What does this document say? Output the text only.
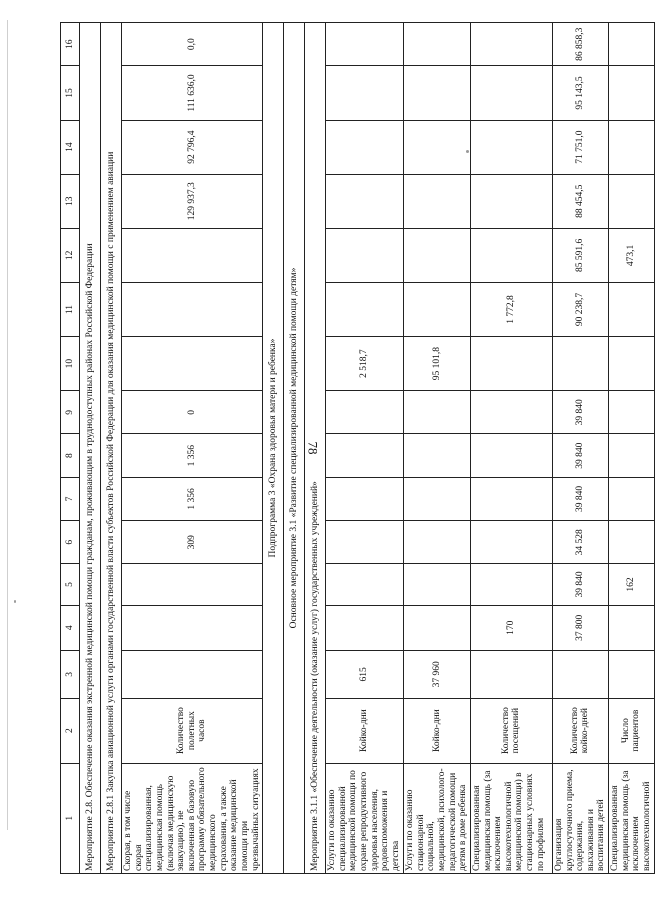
78
1	2	3	4	5	6	7	8	9	10	11	12	13	14	15	16
Мероприятие 2.8. Обеспечение оказания экстренной медицинской помощи гражданам, проживающим в труднодоступных районах Российской Федерации															
Мероприятие 2.8.1 Закупка авиационной услуги органами государственной власти субъектов Российской Федерации для оказания медицинской помощи с применением авиации															
Скорая, в том числе скорая специализированная, медицинская помощь (включая медицинскую эвакуацию), не включенная в базовую программу обязательного медицинского страхования, а также оказание медицинской помощи при чрезвычайных ситуациях	Количество полетных часов				309	1 356	1 356	0				129 937,3	92 796,4	111 636,0	0,0
Подпрограмма 3 «Охрана здоровья матери и ребенка»															
Основное мероприятие 3.1 «Развитие специализированной медицинской помощи детям»															
Мероприятие 3.1.1 «Обеспечение деятельности (оказание услуг) государственных учреждений»															
Услуги по оказанию специализированной медицинской помощи по охране репродуктивного здоровья населения, родовспоможения и детства	Койко-дни	615							2 518,7						
Услуги по оказанию стационарной социальной, медицинской, психолого-педагогической помощи детям в доме ребенка	Койко-дни	37 960							95 101,8						
Специализированная медицинская помощь (за исключением высокотехнологичной медицинской помощи) в стационарных условиях по профилям	Количество посещений		170							1 772,8					
Организация круглосуточного приема, содержания, выхаживания и воспитания детей	Количество койко-дней		37 800	39 840	34 528	39 840	39 840	39 840		90 238,7	85 591,6	88 454,5	71 751,0	95 143,5	86 858,3
Специализированная медицинская помощь (за исключением высокотехнологичной	Число пациентов			162							473,1				
